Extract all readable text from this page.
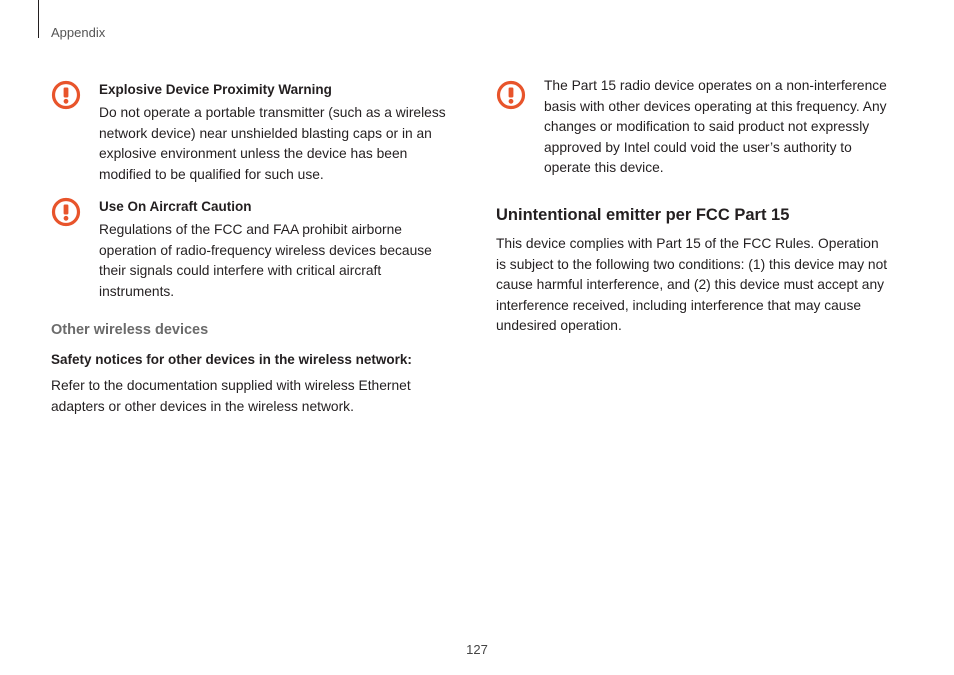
Appendix
Explosive Device Proximity Warning
Do not operate a portable transmitter (such as a wireless network device) near unshielded blasting caps or in an explosive environment unless the device has been modified to be qualified for such use.
Use On Aircraft Caution
Regulations of the FCC and FAA prohibit airborne operation of radio-frequency wireless devices because their signals could interfere with critical aircraft instruments.
Other wireless devices
Safety notices for other devices in the wireless network:
Refer to the documentation supplied with wireless Ethernet adapters or other devices in the wireless network.
The Part 15 radio device operates on a non-interference basis with other devices operating at this frequency. Any changes or modification to said product not expressly approved by Intel could void the user’s authority to operate this device.
Unintentional emitter per FCC Part 15
This device complies with Part 15 of the FCC Rules. Operation is subject to the following two conditions: (1) this device may not cause harmful interference, and (2) this device must accept any interference received, including interference that may cause undesired operation.
127
